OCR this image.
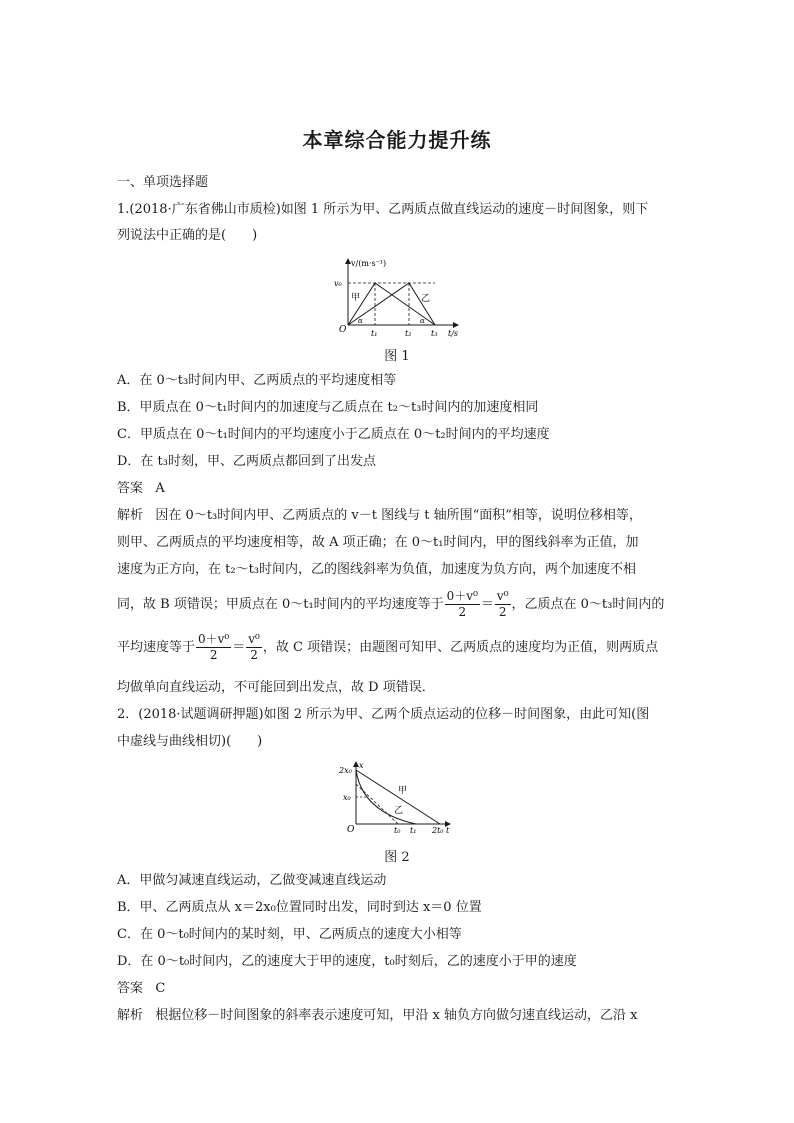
本章综合能力提升练
一、单项选择题
1.(2018·广东省佛山市质检)如图 1 所示为甲、乙两质点做直线运动的速度－时间图象，则下
列说法中正确的是(　　)
v/(m·s⁻¹)
v₀
O	t₁	t₂ t₃ t/s
甲	乙
α	α
图 1
A．在 0～t₃时间内甲、乙两质点的平均速度相等
B．甲质点在 0～t₁时间内的加速度与乙质点在 t₂～t₃时间内的加速度相同
C．甲质点在 0～t₁时间内的平均速度小于乙质点在 0～t₂时间内的平均速度
D．在 t₃时刻，甲、乙两质点都回到了出发点
答案 A
解析 因在 0～t₃时间内甲、乙两质点的 v－t 图线与 t 轴所围“面积”相等，说明位移相等，
则甲、乙两质点的平均速度相等，故 A 项正确；在 0～t₁时间内，甲的图线斜率为正值，加
速度为正方向，在 t₂～t₃时间内，乙的图线斜率为负值，加速度为负方向，两个加速度不相
同，故 B 项错误；甲质点在 0～t₁时间内的平均速度等于 $\frac{\text{0＋v⁰}}{2} = \frac{\text{v⁰}}{2}$ ，乙质点在 0～t₃时间内的
平均速度等于 $\frac{\text{0＋v⁰}}{2} = \frac{\text{v⁰}}{2}$ ，故 C 项错误；由题图可知甲、乙两质点的速度均为正值，则两质点
均做单向直线运动，不可能回到出发点，故 D 项错误．
2．(2018·试题调研押题)如图 2 所示为甲、乙两个质点运动的位移－时间图象，由此可知(图
中虚线与曲线相切)(　　)
x
2x₀
x₀
O	t₀ t₁ 2t₀ t
甲
乙
图 2
A．甲做匀减速直线运动，乙做变减速直线运动
B．甲、乙两质点从 x＝2x₀位置同时出发，同时到达 x＝0 位置
C．在 0～t₀时间内的某时刻，甲、乙两质点的速度大小相等
D．在 0～t₀时间内，乙的速度大于甲的速度，t₀时刻后，乙的速度小于甲的速度
答案 C
解析 根据位移－时间图象的斜率表示速度可知，甲沿 x 轴负方向做匀速直线运动，乙沿 x
